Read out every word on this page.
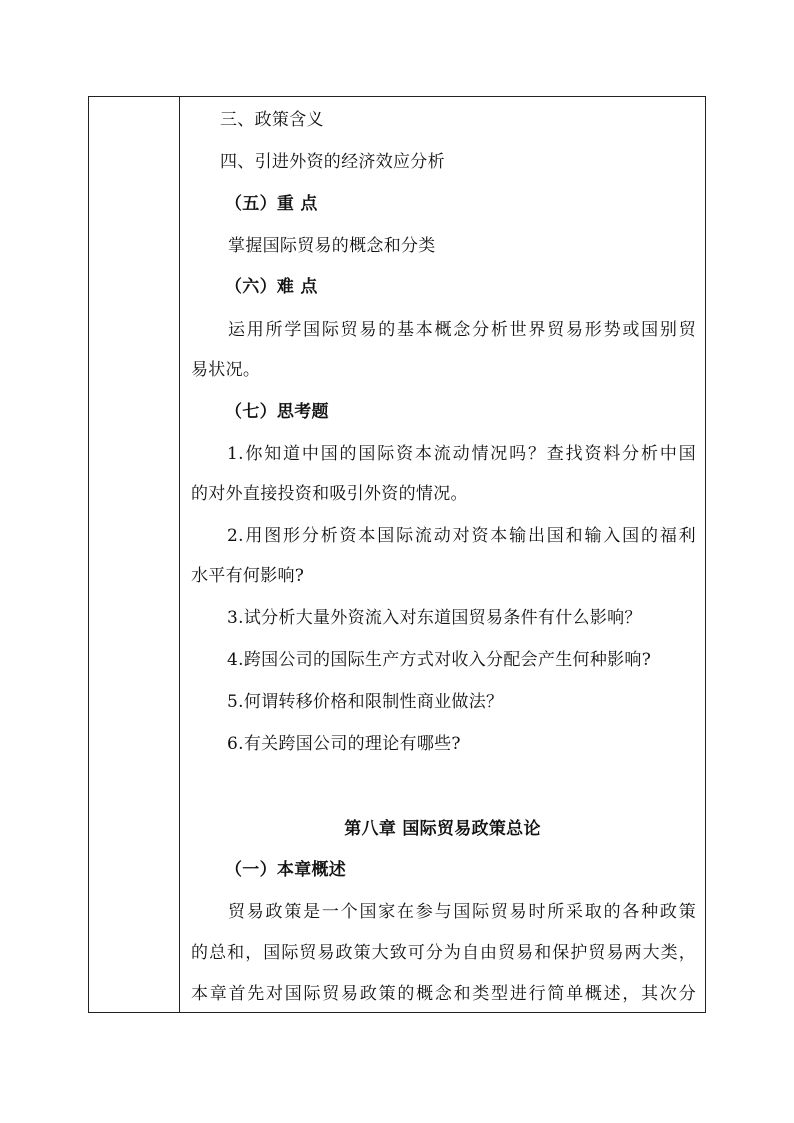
三、政策含义
四、引进外资的经济效应分析
（五）重 点
掌握国际贸易的概念和分类
（六）难 点
运用所学国际贸易的基本概念分析世界贸易形势或国别贸
易状况。
（七）思考题
1.你知道中国的国际资本流动情况吗？查找资料分析中国
的对外直接投资和吸引外资的情况。
2.用图形分析资本国际流动对资本输出国和输入国的福利
水平有何影响?
3.试分析大量外资流入对东道国贸易条件有什么影响？
4.跨国公司的国际生产方式对收入分配会产生何种影响?
5.何谓转移价格和限制性商业做法？
6.有关跨国公司的理论有哪些?
第八章 国际贸易政策总论
（一）本章概述
贸易政策是一个国家在参与国际贸易时所采取的各种政策
的总和，国际贸易政策大致可分为自由贸易和保护贸易两大类，
本章首先对国际贸易政策的概念和类型进行简单概述，其次分
